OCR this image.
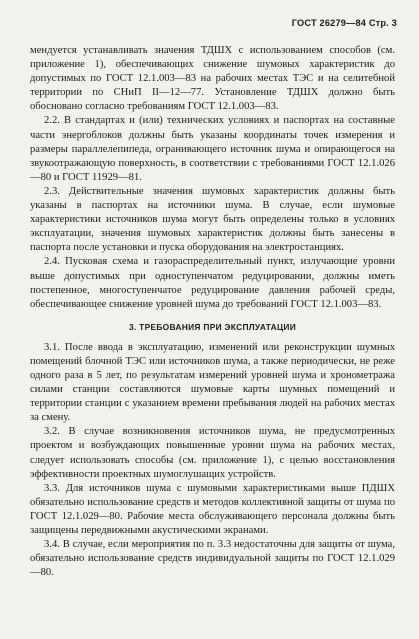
ГОСТ 26279—84 Стр. 3

мендуется устанавливать значения ТДШХ с использованием способов (см. приложение 1), обеспечивающих снижение шумовых характеристик до допустимых по ГОСТ 12.1.003—83 на рабочих местах ТЭС и на селитебной территории по СНиП II—12—77. Установление ТДШХ должно быть обосновано согласно требованиям ГОСТ 12.1.003—83.

2.2. В стандартах и (или) технических условиях и паспортах на составные части энергоблоков должны быть указаны координаты точек измерения и размеры параллелепипеда, огранивающего источник шума и опирающегося на звукоотражающую поверхность, в соответствии с требованиями ГОСТ 12.1.026—80 и ГОСТ 11929—81.

2.3. Действительные значения шумовых характеристик должны быть указаны в паспортах на источники шума. В случае, если шумовые характеристики источников шума могут быть определены только в условиях эксплуатации, значения шумовых характеристик должны быть занесены в паспорта после установки и пуска оборудования на электростанциях.

2.4. Пусковая схема и газораспределительный пункт, излучающие уровни выше допустимых при одноступенчатом редуцировании, должны иметь постепенное, многоступенчатое редуцирование давления рабочей среды, обеспечивающее снижение уровней шума до требований ГОСТ 12.1.003—83.

3. ТРЕБОВАНИЯ ПРИ ЭКСПЛУАТАЦИИ

3.1. После ввода в эксплуатацию, изменений или реконструкции шумных помещений блочной ТЭС или источников шума, а также периодически, не реже одного раза в 5 лет, по результатам измерений уровней шума и хронометража силами станции составляются шумовые карты шумных помещений и территории станции с указанием времени пребывания людей на рабочих местах за смену.

3.2. В случае возникновения источников шума, не предусмотренных проектом и возбуждающих повышенные уровни шума на рабочих местах, следует использовать способы (см. приложение 1), с целью восстановления эффективности проектных шумоглушащих устройств.

3.3. Для источников шума с шумовыми характеристиками выше ПДШХ обязательно использование средств и методов коллективной защиты от шума по ГОСТ 12.1.029—80. Рабочие места обслуживающего персонала должны быть защищены передвижными акустическими экранами.

3.4. В случае, если мероприятия по п. 3.3 недостаточны для защиты от шума, обязательно использование средств индивидуальной защиты по ГОСТ 12.1.029—80.
